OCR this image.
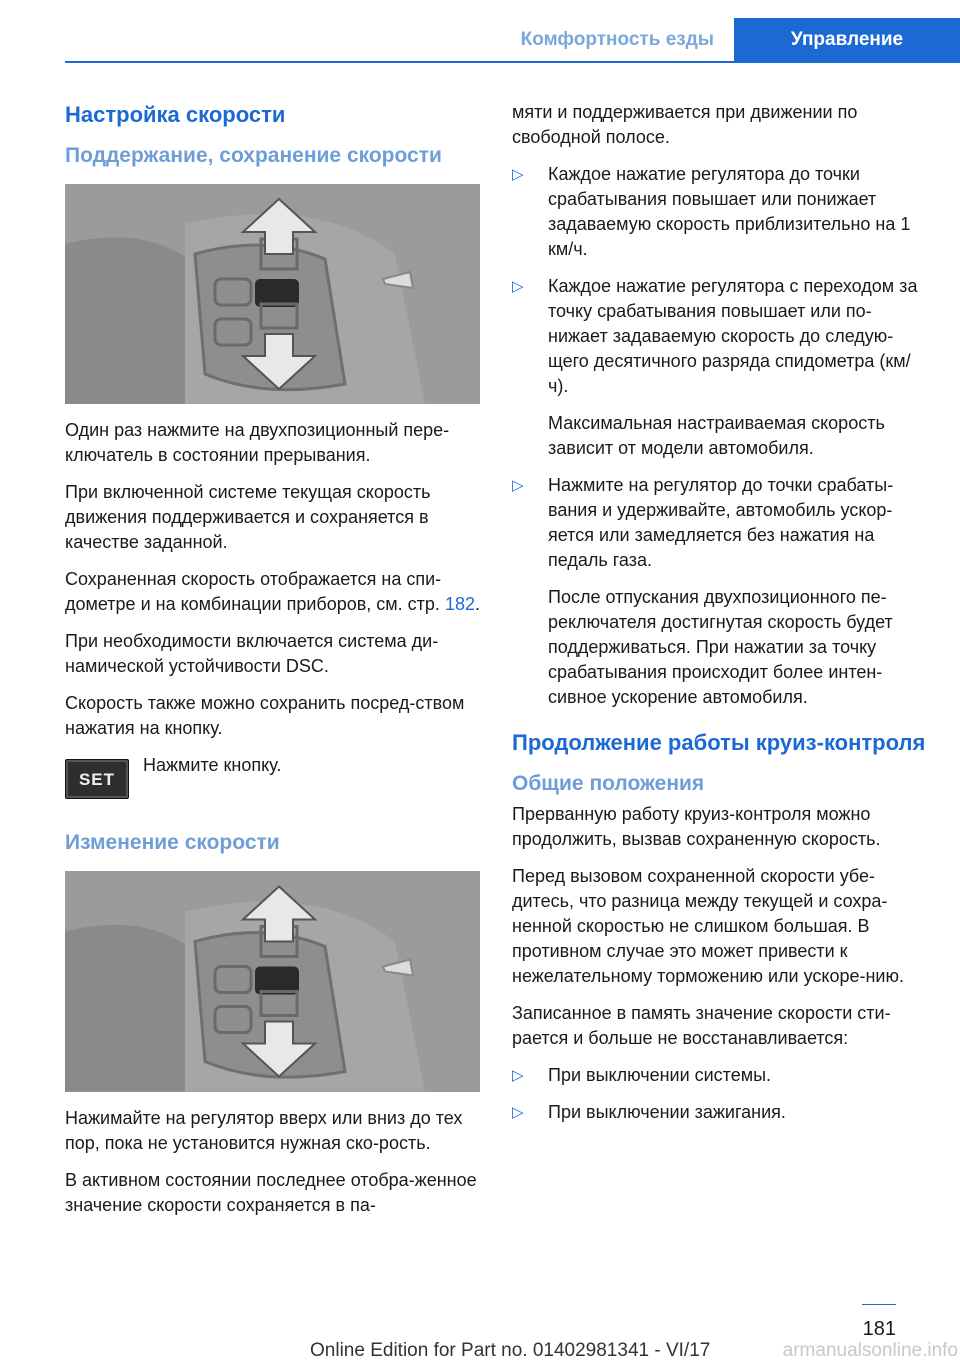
Комфортность езды	Управление
Настройка скорости
Поддержание, сохранение скорости

Один раз нажмите на двухпозиционный пере-ключатель в состоянии прерывания.

При включенной системе текущая скорость движения поддерживается и сохраняется в качестве заданной.

Сохраненная скорость отображается на спи-дометре и на комбинации приборов, см. стр. 182.

При необходимости включается система ди-намической устойчивости DSC.

Скорость также можно сохранить посред-ством нажатия на кнопку.

SET
Нажмите кнопку.
Изменение скорости

Нажимайте на регулятор вверх или вниз до тех пор, пока не установится нужная ско-рость.

В активном состоянии последнее отобра-женное значение скорости сохраняется в па-

мяти и поддерживается при движении по свободной полосе.

▷ Каждое нажатие регулятора до точки срабатывания повышает или понижает задаваемую скорость приблизительно на 1 км/ч.
▷ Каждое нажатие регулятора с переходом за точку срабатывания повышает или по-нижает задаваемую скорость до следую-щего десятичного разряда спидометра (км/ч).

Максимальная настраиваемая скорость зависит от модели автомобиля.

▷ Нажмите на регулятор до точки срабаты-вания и удерживайте, автомобиль ускор-яется или замедляется без нажатия на педаль газа.

После отпускания двухпозиционного пе-реключателя достигнутая скорость будет поддерживаться. При нажатии за точку срабатывания происходит более интен-сивное ускорение автомобиля.

Продолжение работы круиз-контроля
Общие положения

Прерванную работу круиз-контроля можно продолжить, вызвав сохраненную скорость.

Перед вызовом сохраненной скорости убе-дитесь, что разница между текущей и сохра-ненной скоростью не слишком большая. В противном случае это может привести к нежелательному торможению или ускоре-нию.

Записанное в память значение скорости сти-рается и больше не восстанавливается:

▷ При выключении системы.
▷ При выключении зажигания.
181
Online Edition for Part no. 01402981341 - VI/17	armanualsonline.info
